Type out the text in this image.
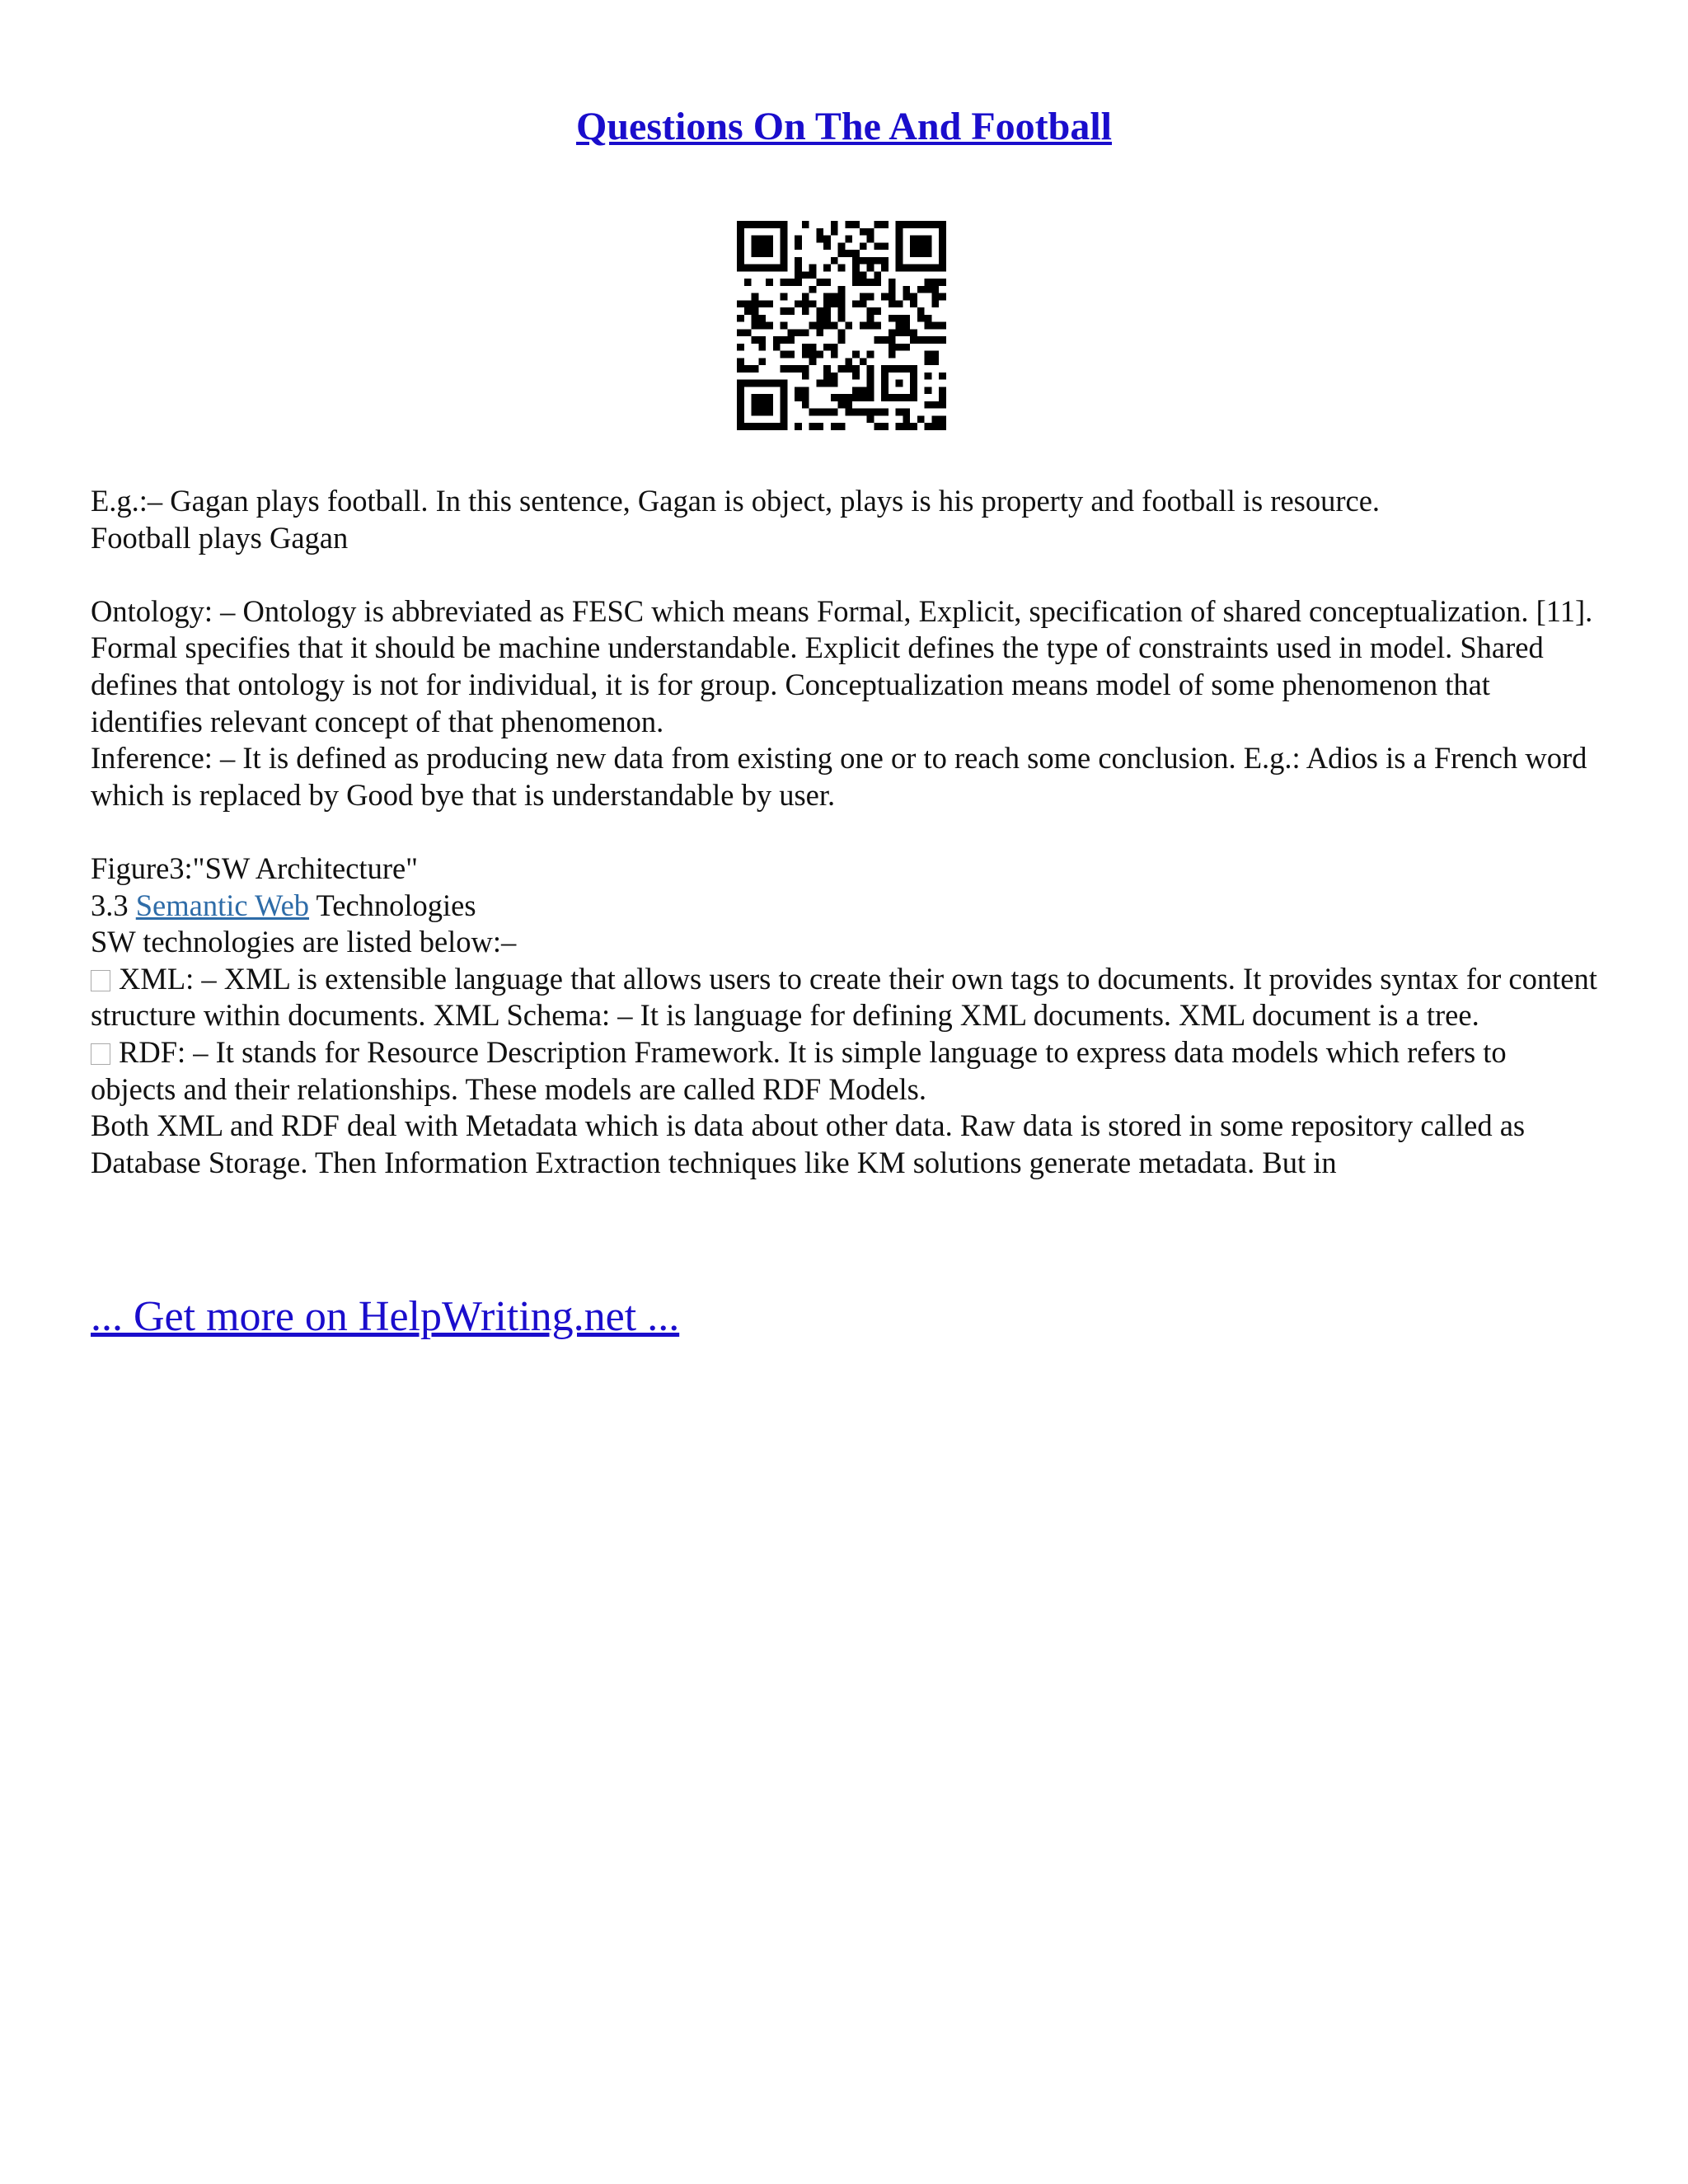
Questions On The And Football

E.g.:– Gagan plays football. In this sentence, Gagan is object, plays is his property and football is resource.

Football plays Gagan

Ontology: – Ontology is abbreviated as FESC which means Formal, Explicit, specification of shared conceptualization. [11].

Formal specifies that it should be machine understandable. Explicit defines the type of constraints used in model. Shared defines that ontology is not for individual, it is for group. Conceptualization means model of some phenomenon that identifies relevant concept of that phenomenon.

Inference: – It is defined as producing new data from existing one or to reach some conclusion. E.g.: Adios is a French word which is replaced by Good bye that is understandable by user.

Figure3:"SW Architecture"

3.3 Semantic Web Technologies

SW technologies are listed below:–

XML: – XML is extensible language that allows users to create their own tags to documents. It provides syntax for content structure within documents. XML Schema: – It is language for defining XML documents. XML document is a tree.

RDF: – It stands for Resource Description Framework. It is simple language to express data models which refers to objects and their relationships. These models are called RDF Models.

Both XML and RDF deal with Metadata which is data about other data. Raw data is stored in some repository called as Database Storage. Then Information Extraction techniques like KM solutions generate metadata. But in

... Get more on HelpWriting.net ...
